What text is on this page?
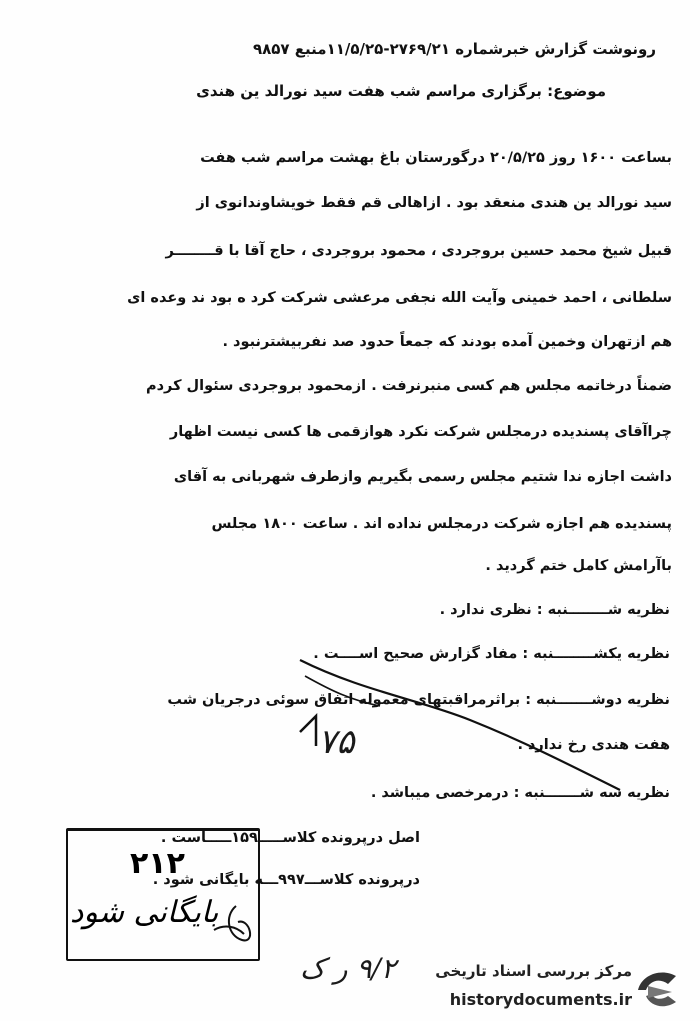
رونوشت گزارش خبرشماره ۲۷۶۹/۲۱-۱۱/۵/۲۵منبع ۹۸۵۷
موضوع: برگزاری مراسم شب هفت سید نورالد ین هندی
بساعت ۱۶۰۰ روز ۲۰/۵/۲۵ درگورستان باغ بهشت مراسم شب هفت
سید نورالد ین هندی منعقد بود . ازاهالی قم فقط خویشاوندانوی از
قبیل شیخ محمد حسین بروجردی ، محمود بروجردی ، حاج آقا با قــــــــر
سلطانی ، احمد خمینی وآیت الله نجفی مرعشی شرکت کرد ه بود ند وعده ای
هم ازتهران وخمین آمده بودند که جمعاً حدود صد نفربیشترنبود .
ضمناً درخاتمه مجلس هم کسی منبرنرفت . ازمحمود بروجردی سئوال کردم
چراآقای پسندیده درمجلس شرکت نکرد هوازقمی ها کسی نیست اظهار
داشت اجازه ندا شتیم مجلس رسمی بگیریم وازطرف شهربانی به آقای
پسندیده هم اجازه شرکت درمجلس نداده اند . ساعت ۱۸۰۰ مجلس
باآرامش کامل ختم گردید .
نظریه شــــــــنبه : نظری ندارد .
نظریه یکشــــــــنبه : مفاد گزارش صحیح اســــت .
نظریه دوشـــــــنبه : براثرمراقبتهای معموله اتفاق سوئی درجریان شب
هفت هندی رخ ندارد .
نظریه سه شـــــــنبه : درمرخصی میباشد .
۷۵
اصل درپرونده کلاســـــ۱۵۹ـــــاست .
درپرونده کلاســـ۹۹۷ـــه بایگانی شود .
۲۱۲
بایگانی شود
۹/۲ ر ک	مرکز بررسی اسناد تاریخی
historydocuments.ir
